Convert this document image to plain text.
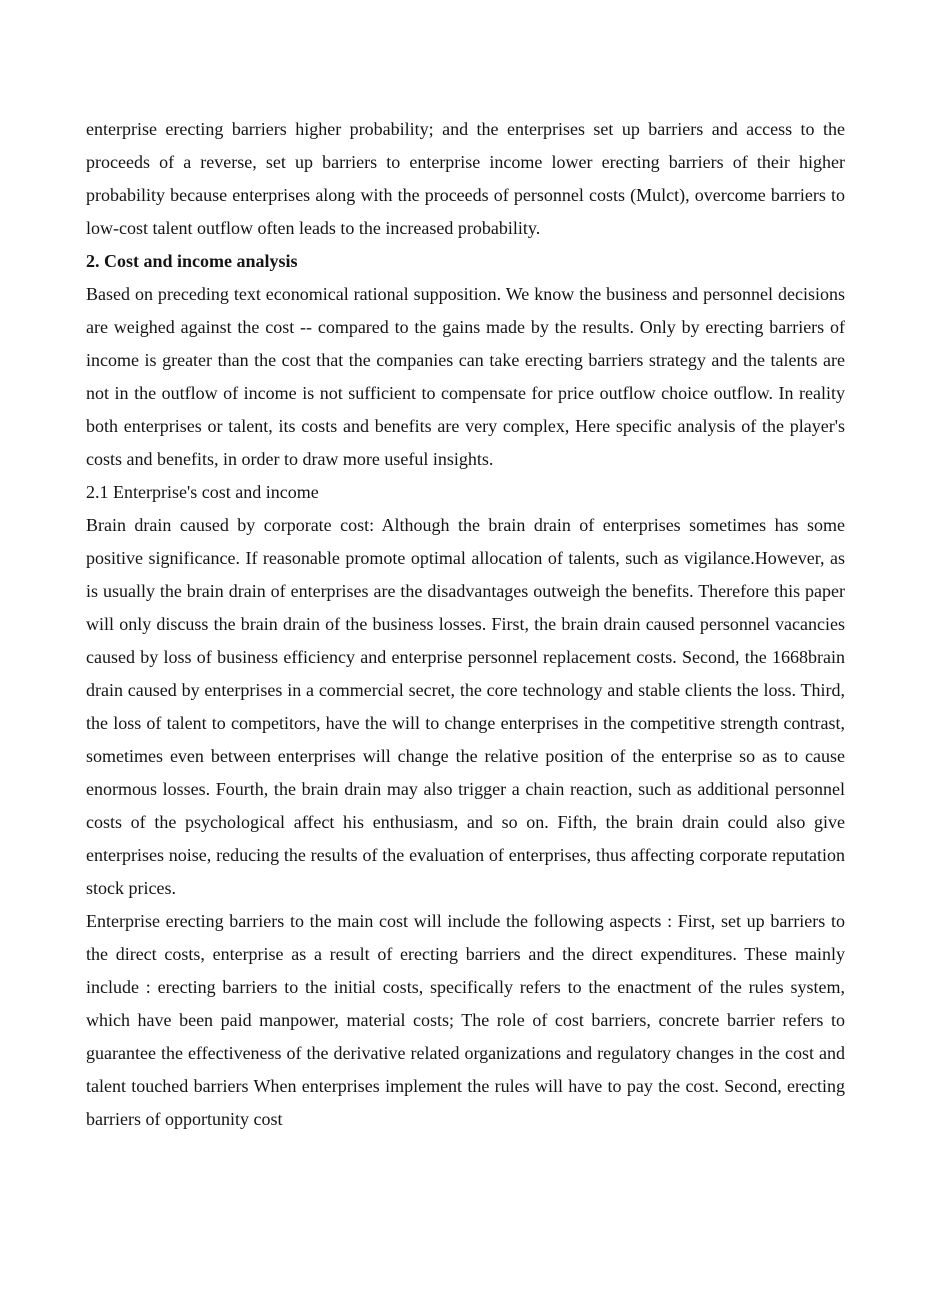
enterprise erecting barriers higher probability; and the enterprises set up barriers and access to the proceeds of a reverse, set up barriers to enterprise income lower erecting barriers of their higher probability because enterprises along with the proceeds of personnel costs (Mulct), overcome barriers to low-cost talent outflow often leads to the increased probability.

2. Cost and income analysis

Based on preceding text economical rational supposition. We know the business and personnel decisions are weighed against the cost -- compared to the gains made by the results. Only by erecting barriers of income is greater than the cost that the companies can take erecting barriers strategy and the talents are not in the outflow of income is not sufficient to compensate for price outflow choice outflow. In reality both enterprises or talent, its costs and benefits are very complex, Here specific analysis of the player's costs and benefits, in order to draw more useful insights.

2.1 Enterprise's cost and income

Brain drain caused by corporate cost: Although the brain drain of enterprises sometimes has some positive significance. If reasonable promote optimal allocation of talents, such as vigilance.However, as is usually the brain drain of enterprises are the disadvantages outweigh the benefits. Therefore this paper will only discuss the brain drain of the business losses. First, the brain drain caused personnel vacancies caused by loss of business efficiency and enterprise personnel replacement costs. Second, the 1668brain drain caused by enterprises in a commercial secret, the core technology and stable clients the loss. Third, the loss of talent to competitors, have the will to change enterprises in the competitive strength contrast, sometimes even between enterprises will change the relative position of the enterprise so as to cause enormous losses. Fourth, the brain drain may also trigger a chain reaction, such as additional personnel costs of the psychological affect his enthusiasm, and so on. Fifth, the brain drain could also give enterprises noise, reducing the results of the evaluation of enterprises, thus affecting corporate reputation stock prices.

Enterprise erecting barriers to the main cost will include the following aspects : First, set up barriers to the direct costs, enterprise as a result of erecting barriers and the direct expenditures. These mainly include : erecting barriers to the initial costs, specifically refers to the enactment of the rules system, which have been paid manpower, material costs; The role of cost barriers, concrete barrier refers to guarantee the effectiveness of the derivative related organizations and regulatory changes in the cost and talent touched barriers When enterprises implement the rules will have to pay the cost. Second, erecting barriers of opportunity cost
